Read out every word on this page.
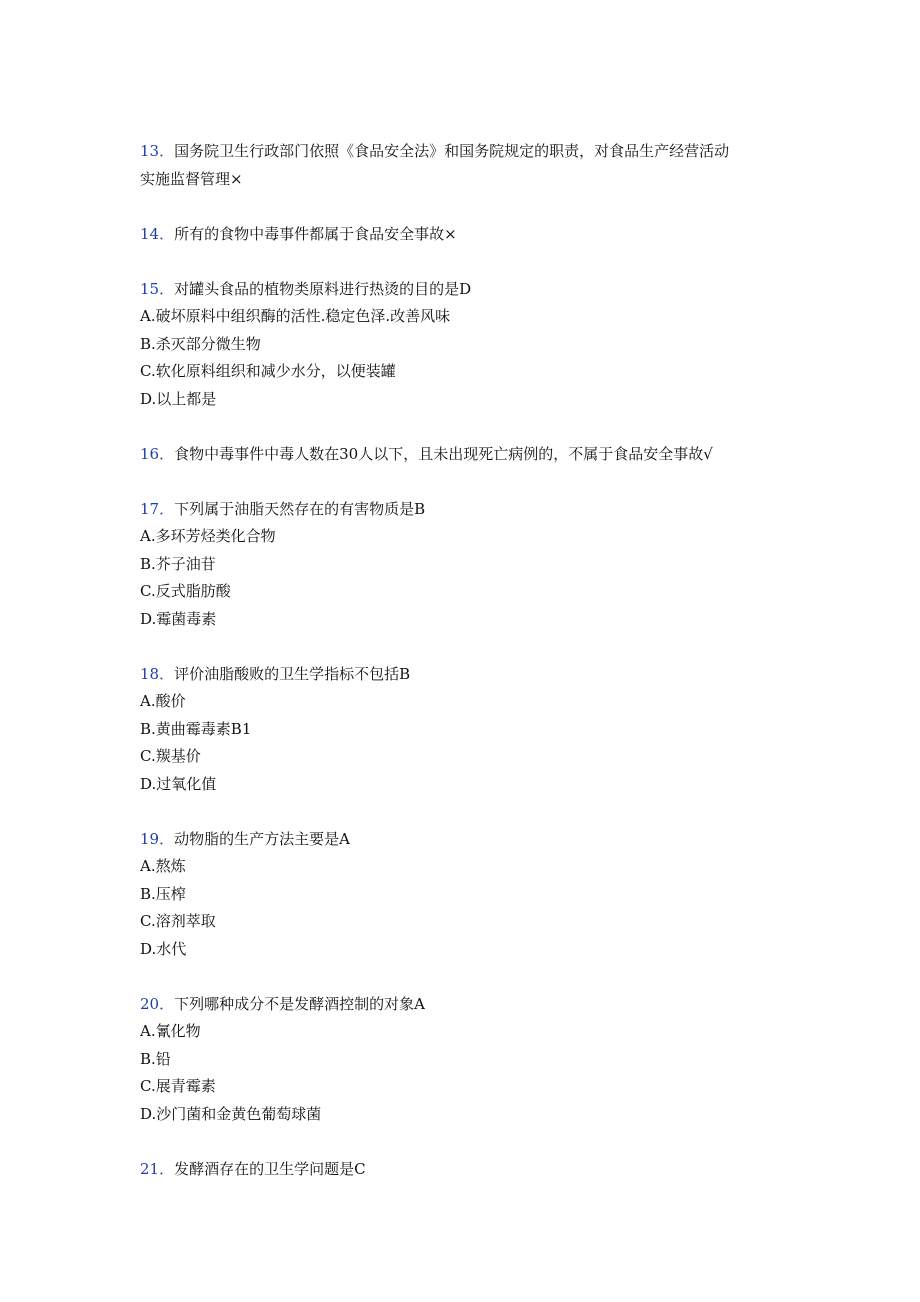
13．国务院卫生行政部门依照《食品安全法》和国务院规定的职责，对食品生产经营活动

实施监督管理×

14．所有的食物中毒事件都属于食品安全事故×

15．对罐头食品的植物类原料进行热烫的目的是D

A.破坏原料中组织酶的活性.稳定色泽.改善风味

B.杀灭部分微生物

C.软化原料组织和减少水分，以便装罐

D.以上都是

16．食物中毒事件中毒人数在30人以下，且未出现死亡病例的，不属于食品安全事故√

17．下列属于油脂天然存在的有害物质是B

A.多环芳烃类化合物

B.芥子油苷

C.反式脂肪酸

D.霉菌毒素

18．评价油脂酸败的卫生学指标不包括B

A.酸价

B.黄曲霉毒素B1

C.羰基价

D.过氧化值

19．动物脂的生产方法主要是A

A.熬炼

B.压榨

C.溶剂萃取

D.水代

20．下列哪种成分不是发酵酒控制的对象A

A.氰化物

B.铅

C.展青霉素

D.沙门菌和金黄色葡萄球菌

21．发酵酒存在的卫生学问题是C
